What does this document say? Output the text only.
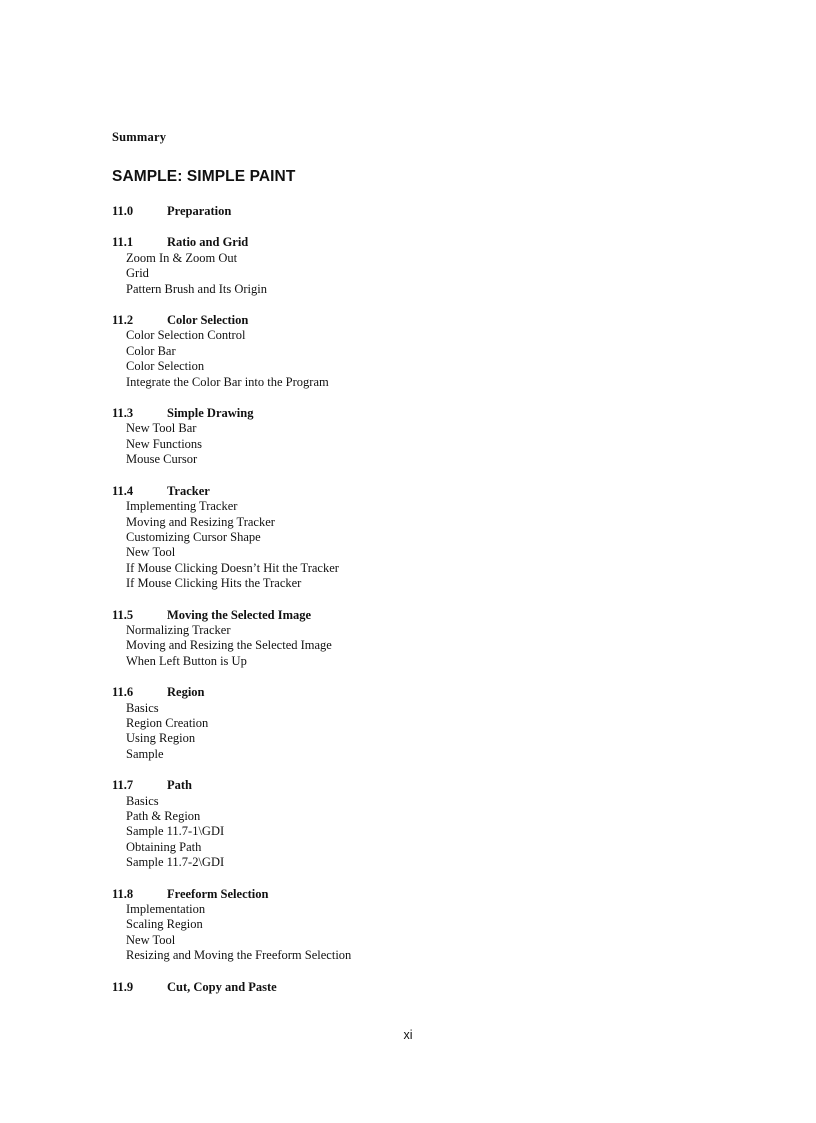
Summary
SAMPLE: SIMPLE PAINT
11.0	Preparation
11.1	Ratio and Grid
Zoom In & Zoom Out
Grid
Pattern Brush and Its Origin
11.2	Color Selection
Color Selection Control
Color Bar
Color Selection
Integrate the Color Bar into the Program
11.3	Simple Drawing
New Tool Bar
New Functions
Mouse Cursor
11.4	Tracker
Implementing Tracker
Moving and Resizing Tracker
Customizing Cursor Shape
New Tool
If Mouse Clicking Doesn’t Hit the Tracker
If Mouse Clicking Hits the Tracker
11.5	Moving the Selected Image
Normalizing Tracker
Moving and Resizing the Selected Image
When Left Button is Up
11.6	Region
Basics
Region Creation
Using Region
Sample
11.7	Path
Basics
Path & Region
Sample 11.7-1\GDI
Obtaining Path
Sample 11.7-2\GDI
11.8	Freeform Selection
Implementation
Scaling Region
New Tool
Resizing and Moving the Freeform Selection
11.9	Cut, Copy and Paste
xi
